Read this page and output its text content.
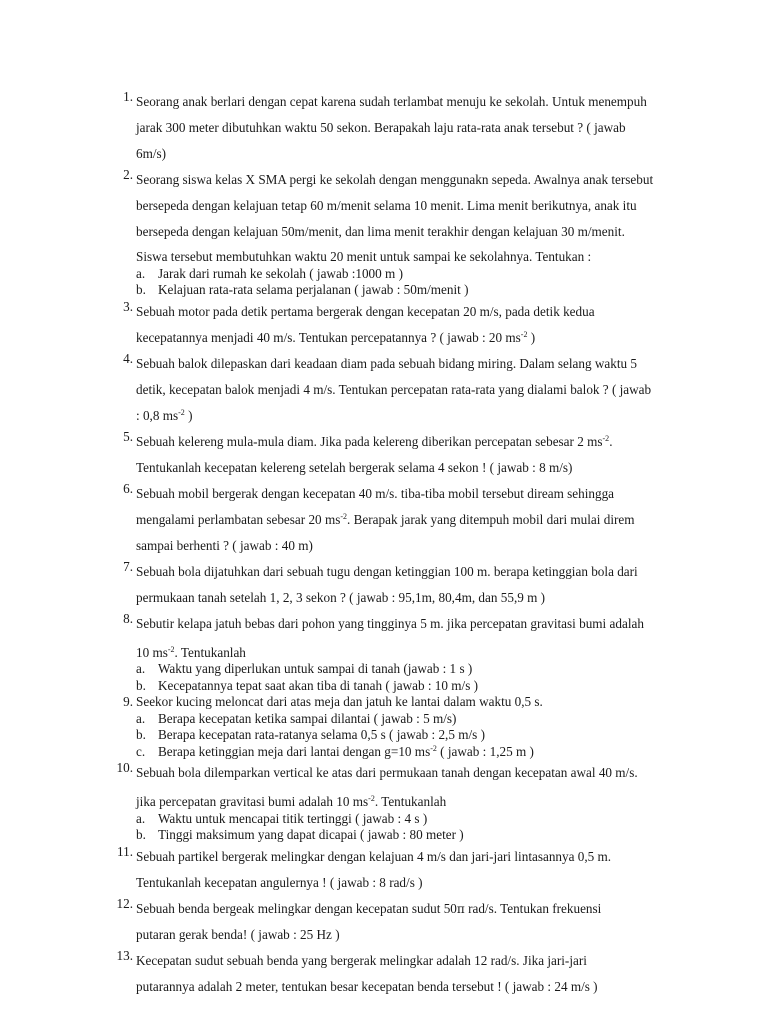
1. Seorang anak berlari dengan cepat karena sudah terlambat menuju ke sekolah. Untuk menempuh
jarak 300 meter dibutuhkan waktu 50 sekon. Berapakah laju rata-rata anak tersebut ? ( jawab
6m/s)
2. Seorang siswa kelas X SMA pergi ke sekolah dengan menggunakn sepeda. Awalnya anak tersebut
bersepeda dengan kelajuan tetap 60 m/menit selama 10 menit. Lima menit berikutnya, anak itu
bersepeda dengan kelajuan 50m/menit, dan lima menit terakhir dengan kelajuan 30 m/menit.
Siswa tersebut membutuhkan waktu 20 menit untuk sampai ke sekolahnya. Tentukan :
a. Jarak dari rumah ke sekolah ( jawab :1000 m )
b. Kelajuan rata-rata selama perjalanan ( jawab : 50m/menit )
3. Sebuah motor pada detik pertama bergerak dengan kecepatan 20 m/s, pada detik kedua
kecepatannya menjadi 40 m/s. Tentukan percepatannya ? ( jawab : 20 $ms^{-2}$ )
4. Sebuah balok dilepaskan dari keadaan diam pada sebuah bidang miring. Dalam selang waktu 5
detik, kecepatan balok menjadi 4 m/s. Tentukan percepatan rata-rata yang dialami balok ? ( jawab
: 0,8 $ms^{-2}$ )
5. Sebuah kelereng mula-mula diam. Jika pada kelereng diberikan percepatan sebesar 2 $ms^{-2}$.
Tentukanlah kecepatan kelereng setelah bergerak selama 4 sekon ! ( jawab : 8 m/s)
6. Sebuah mobil bergerak dengan kecepatan 40 m/s. tiba-tiba mobil tersebut diream sehingga
mengalami perlambatan sebesar 20 $ms^{-2}$. Berapak jarak yang ditempuh mobil dari mulai direm
sampai berhenti ? ( jawab : 40 m)
7. Sebuah bola dijatuhkan dari sebuah tugu dengan ketinggian 100 m. berapa ketinggian bola dari
permukaan tanah setelah 1, 2, 3 sekon ? ( jawab : 95,1m, 80,4m, dan 55,9 m )
8. Sebutir kelapa jatuh bebas dari pohon yang tingginya 5 m. jika percepatan gravitasi bumi adalah
10 $ms^{-2}$. Tentukanlah
a. Waktu yang diperlukan untuk sampai di tanah (jawab : 1 s )
b. Kecepatannya tepat saat akan tiba di tanah ( jawab : 10 m/s )
9. Seekor kucing meloncat dari atas meja dan jatuh ke lantai dalam waktu 0,5 s.
a. Berapa kecepatan ketika sampai dilantai ( jawab : 5 m/s)
b. Berapa kecepatan rata-ratanya selama 0,5 s ( jawab : 2,5 m/s )
c. Berapa ketinggian meja dari lantai dengan g=10 $ms^{-2}$ ( jawab : 1,25 m )
10. Sebuah bola dilemparkan vertical ke atas dari permukaan tanah dengan kecepatan awal 40 m/s.
jika percepatan gravitasi bumi adalah 10 $ms^{-2}$. Tentukanlah
a. Waktu untuk mencapai titik tertinggi ( jawab : 4 s )
b. Tinggi maksimum yang dapat dicapai ( jawab : 80 meter )
11. Sebuah partikel bergerak melingkar dengan kelajuan 4 m/s dan jari-jari lintasannya 0,5 m.
Tentukanlah kecepatan angulernya ! ( jawab : 8 rad/s )
12. Sebuah benda bergeak melingkar dengan kecepatan sudut 50π rad/s. Tentukan frekuensi
putaran gerak benda! ( jawab : 25 Hz )
13. Kecepatan sudut sebuah benda yang bergerak melingkar adalah 12 rad/s. Jika jari-jari
putarannya adalah 2 meter, tentukan besar kecepatan benda tersebut ! ( jawab : 24 m/s )
